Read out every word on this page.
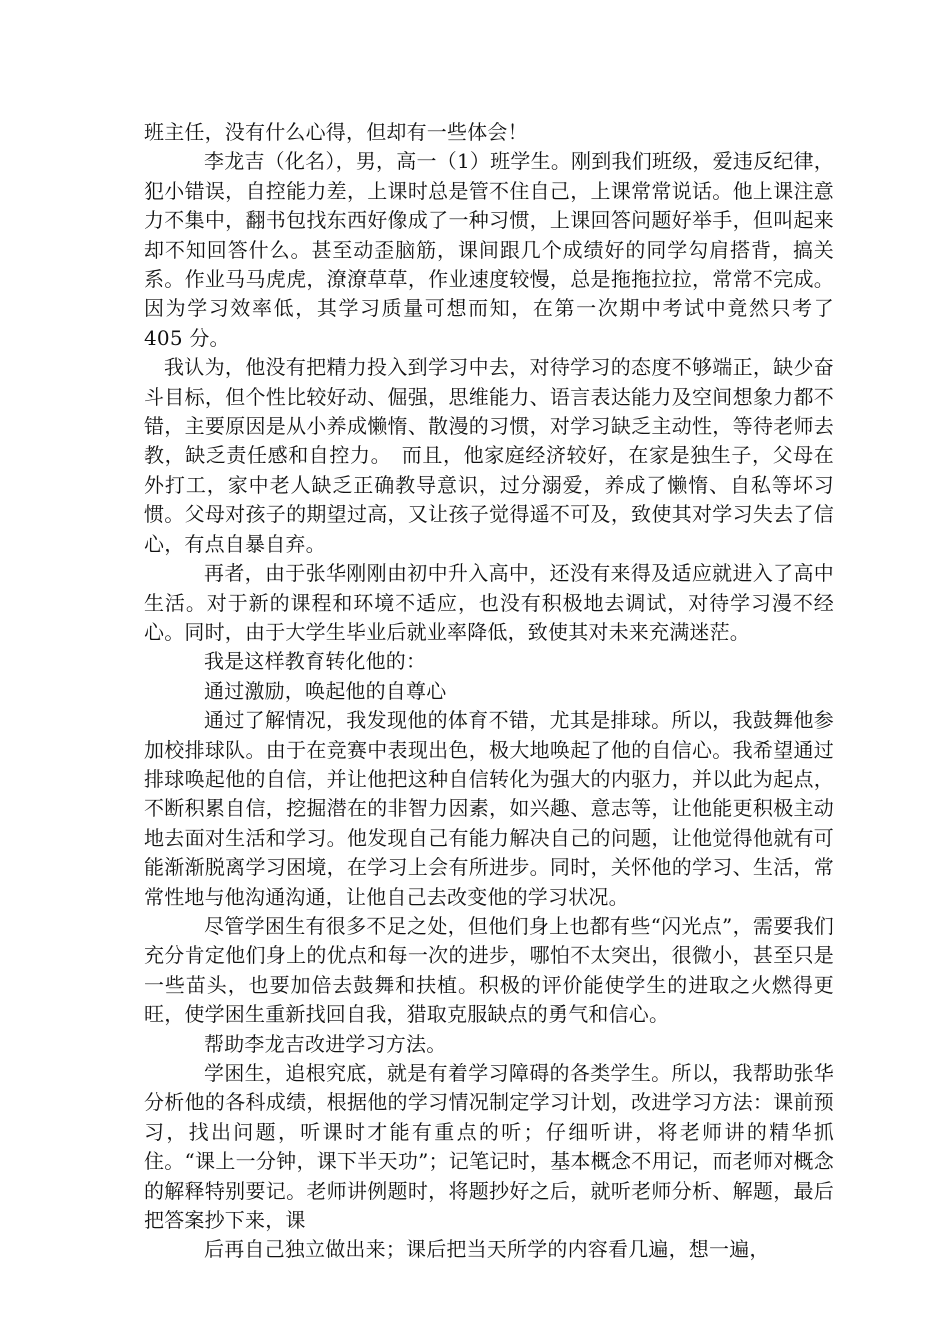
班主任，没有什么心得，但却有一些体会！

李龙吉（化名），男，高一（1）班学生。刚到我们班级，爱违反纪律，犯小错误，自控能力差，上课时总是管不住自己，上课常常说话。他上课注意力不集中，翻书包找东西好像成了一种习惯，上课回答问题好举手，但叫起来却不知回答什么。甚至动歪脑筋，课间跟几个成绩好的同学勾肩搭背，搞关系。作业马马虎虎，潦潦草草，作业速度较慢，总是拖拖拉拉，常常不完成。因为学习效率低，其学习质量可想而知，在第一次期中考试中竟然只考了 405 分。

我认为，他没有把精力投入到学习中去，对待学习的态度不够端正，缺少奋斗目标，但个性比较好动、倔强，思维能力、语言表达能力及空间想象力都不错，主要原因是从小养成懒惰、散漫的习惯，对学习缺乏主动性，等待老师去教，缺乏责任感和自控力。　而且，他家庭经济较好，在家是独生子，父母在外打工，家中老人缺乏正确教导意识，过分溺爱，养成了懒惰、自私等坏习惯。父母对孩子的期望过高，又让孩子觉得遥不可及，致使其对学习失去了信心，有点自暴自弃。

再者，由于张华刚刚由初中升入高中，还没有来得及适应就进入了高中生活。对于新的课程和环境不适应，也没有积极地去调试，对待学习漫不经心。同时，由于大学生毕业后就业率降低，致使其对未来充满迷茫。

我是这样教育转化他的：

通过激励，唤起他的自尊心

通过了解情况，我发现他的体育不错，尤其是排球。所以，我鼓舞他参加校排球队。由于在竞赛中表现出色，极大地唤起了他的自信心。我希望通过排球唤起他的自信，并让他把这种自信转化为强大的内驱力，并以此为起点，不断积累自信，挖掘潜在的非智力因素，如兴趣、意志等，让他能更积极主动地去面对生活和学习。他发现自己有能力解决自己的问题，让他觉得他就有可能渐渐脱离学习困境，在学习上会有所进步。同时，关怀他的学习、生活，常常性地与他沟通沟通，让他自己去改变他的学习状况。

尽管学困生有很多不足之处，但他们身上也都有些“闪光点”，需要我们充分肯定他们身上的优点和每一次的进步，哪怕不太突出，很微小，甚至只是一些苗头，也要加倍去鼓舞和扶植。积极的评价能使学生的进取之火燃得更旺，使学困生重新找回自我，猎取克服缺点的勇气和信心。

帮助李龙吉改进学习方法。

学困生，追根究底，就是有着学习障碍的各类学生。所以，我帮助张华分析他的各科成绩，根据他的学习情况制定学习计划，改进学习方法：课前预习，找出问题，听课时才能有重点的听；仔细听讲，将老师讲的精华抓住。“课上一分钟，课下半天功”；记笔记时，基本概念不用记，而老师对概念的解释特别要记。老师讲例题时，将题抄好之后，就听老师分析、解题，最后把答案抄下来，课

后再自己独立做出来；课后把当天所学的内容看几遍，想一遍，
